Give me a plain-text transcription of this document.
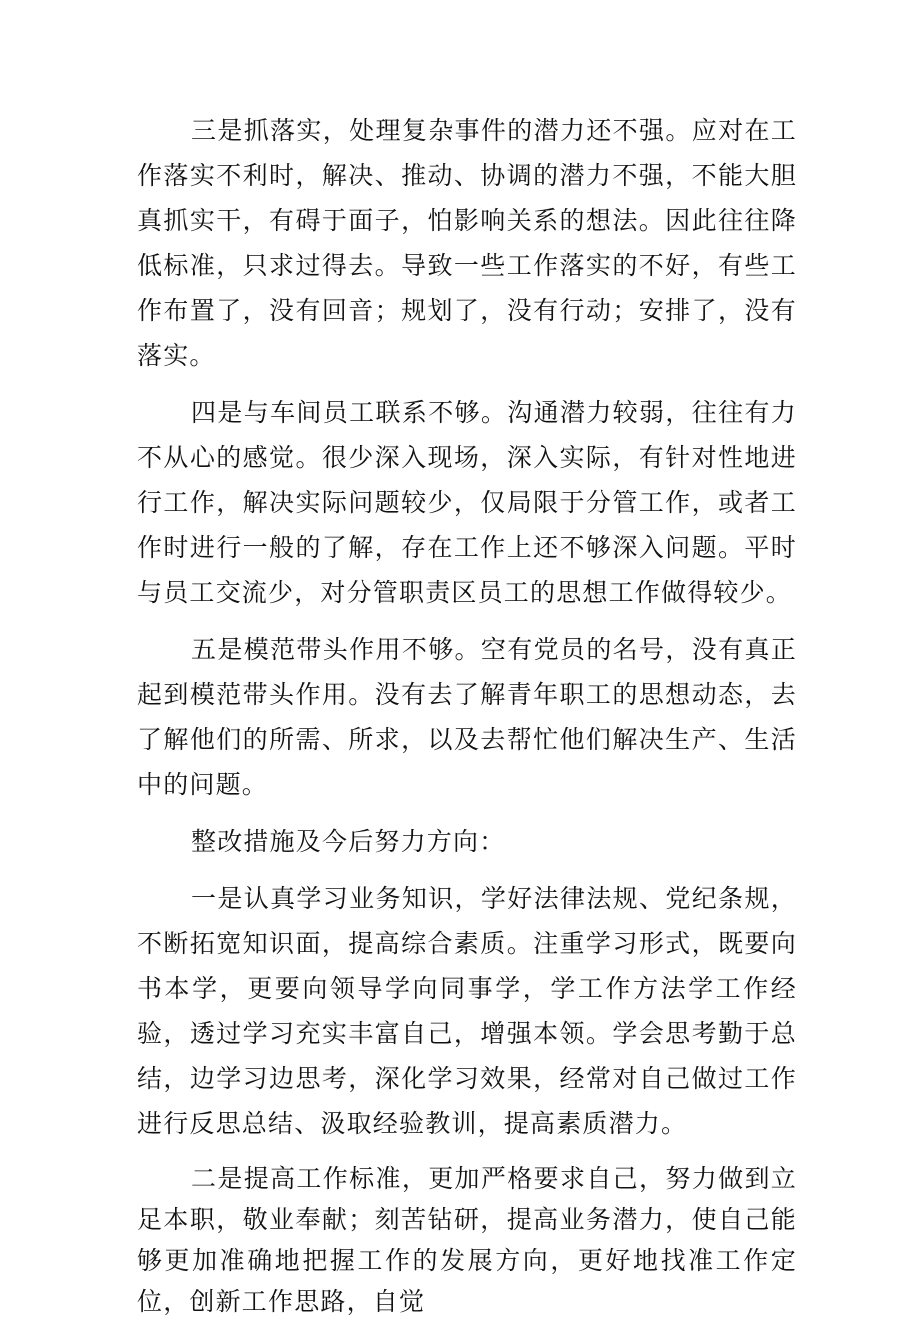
三是抓落实，处理复杂事件的潜力还不强。应对在工作落实不利时，解决、推动、协调的潜力不强，不能大胆真抓实干，有碍于面子，怕影响关系的想法。因此往往降低标准，只求过得去。导致一些工作落实的不好，有些工作布置了，没有回音；规划了，没有行动；安排了，没有落实。

四是与车间员工联系不够。沟通潜力较弱，往往有力不从心的感觉。很少深入现场，深入实际，有针对性地进行工作，解决实际问题较少，仅局限于分管工作，或者工作时进行一般的了解，存在工作上还不够深入问题。平时与员工交流少，对分管职责区员工的思想工作做得较少。

五是模范带头作用不够。空有党员的名号，没有真正起到模范带头作用。没有去了解青年职工的思想动态，去了解他们的所需、所求，以及去帮忙他们解决生产、生活中的问题。

整改措施及今后努力方向：

一是认真学习业务知识，学好法律法规、党纪条规，不断拓宽知识面，提高综合素质。注重学习形式，既要向书本学，更要向领导学向同事学，学工作方法学工作经验，透过学习充实丰富自己，增强本领。学会思考勤于总结，边学习边思考，深化学习效果，经常对自己做过工作进行反思总结、汲取经验教训，提高素质潜力。

二是提高工作标准，更加严格要求自己，努力做到立足本职，敬业奉献；刻苦钻研，提高业务潜力，使自己能够更加准确地把握工作的发展方向，更好地找准工作定位，创新工作思路，自觉
